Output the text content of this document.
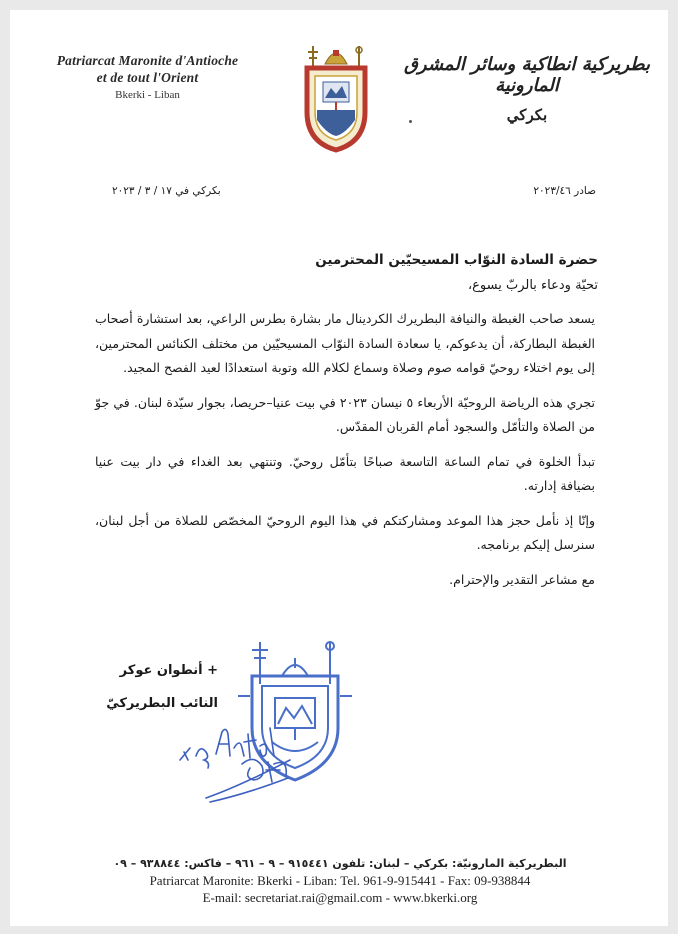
Patriarcat Maronite d'Antioche
et de tout l'Orient
Bkerki - Liban
بطريركية انطاكية وسائر المشرق المارونية
بكركي
بكركي في ١٧ / ٣ / ٢٠٢٣	صادر ٢٠٢٣/٤٦
حضرة السادة النوّاب المسيحيّين المحترمين
تحيّة ودعاء بالربّ يسوع،

يسعد صاحب الغبطة والنيافة البطريرك الكردينال مار بشارة بطرس الراعي، بعد استشارة أصحاب الغبطة البطاركة، أن يدعوكم، يا سعادة السادة النوّاب المسيحيّين من مختلف الكنائس المحترمين، إلى يوم اختلاء روحيّ قوامه صوم وصلاة وسماع لكلام الله وتوبة استعدادًا لعيد الفصح المجيد.

تجري هذه الرياضة الروحيّة الأربعاء ٥ نيسان ٢٠٢٣ في بيت عنيا–حريصا، بجوار سيّدة لبنان. في جوّ من الصلاة والتأمّل والسجود أمام القربان المقدّس.

تبدأ الخلوة في تمام الساعة التاسعة صباحًا بتأمّل روحيّ. وتنتهي بعد الغداء في دار بيت عنيا بضيافة إدارته.

وإنّا إذ نأمل حجز هذا الموعد ومشاركتكم في هذا اليوم الروحيّ المخصّص للصلاة من أجل لبنان، سنرسل إليكم برنامجه.

مع مشاعر التقدير والإحترام.

+ أنطوان عوكر
النائب البطريركيّ
البطريركية المارونيّة: بكركي – لبنان: تلفون ٩١٥٤٤١ – ٩ – ٩٦١ – فاكس: ٩٣٨٨٤٤ – ٠٩
Patriarcat Maronite: Bkerki - Liban: Tel. 961-9-915441 - Fax: 09-938844
E-mail: secretariat.rai@gmail.com - www.bkerki.org
